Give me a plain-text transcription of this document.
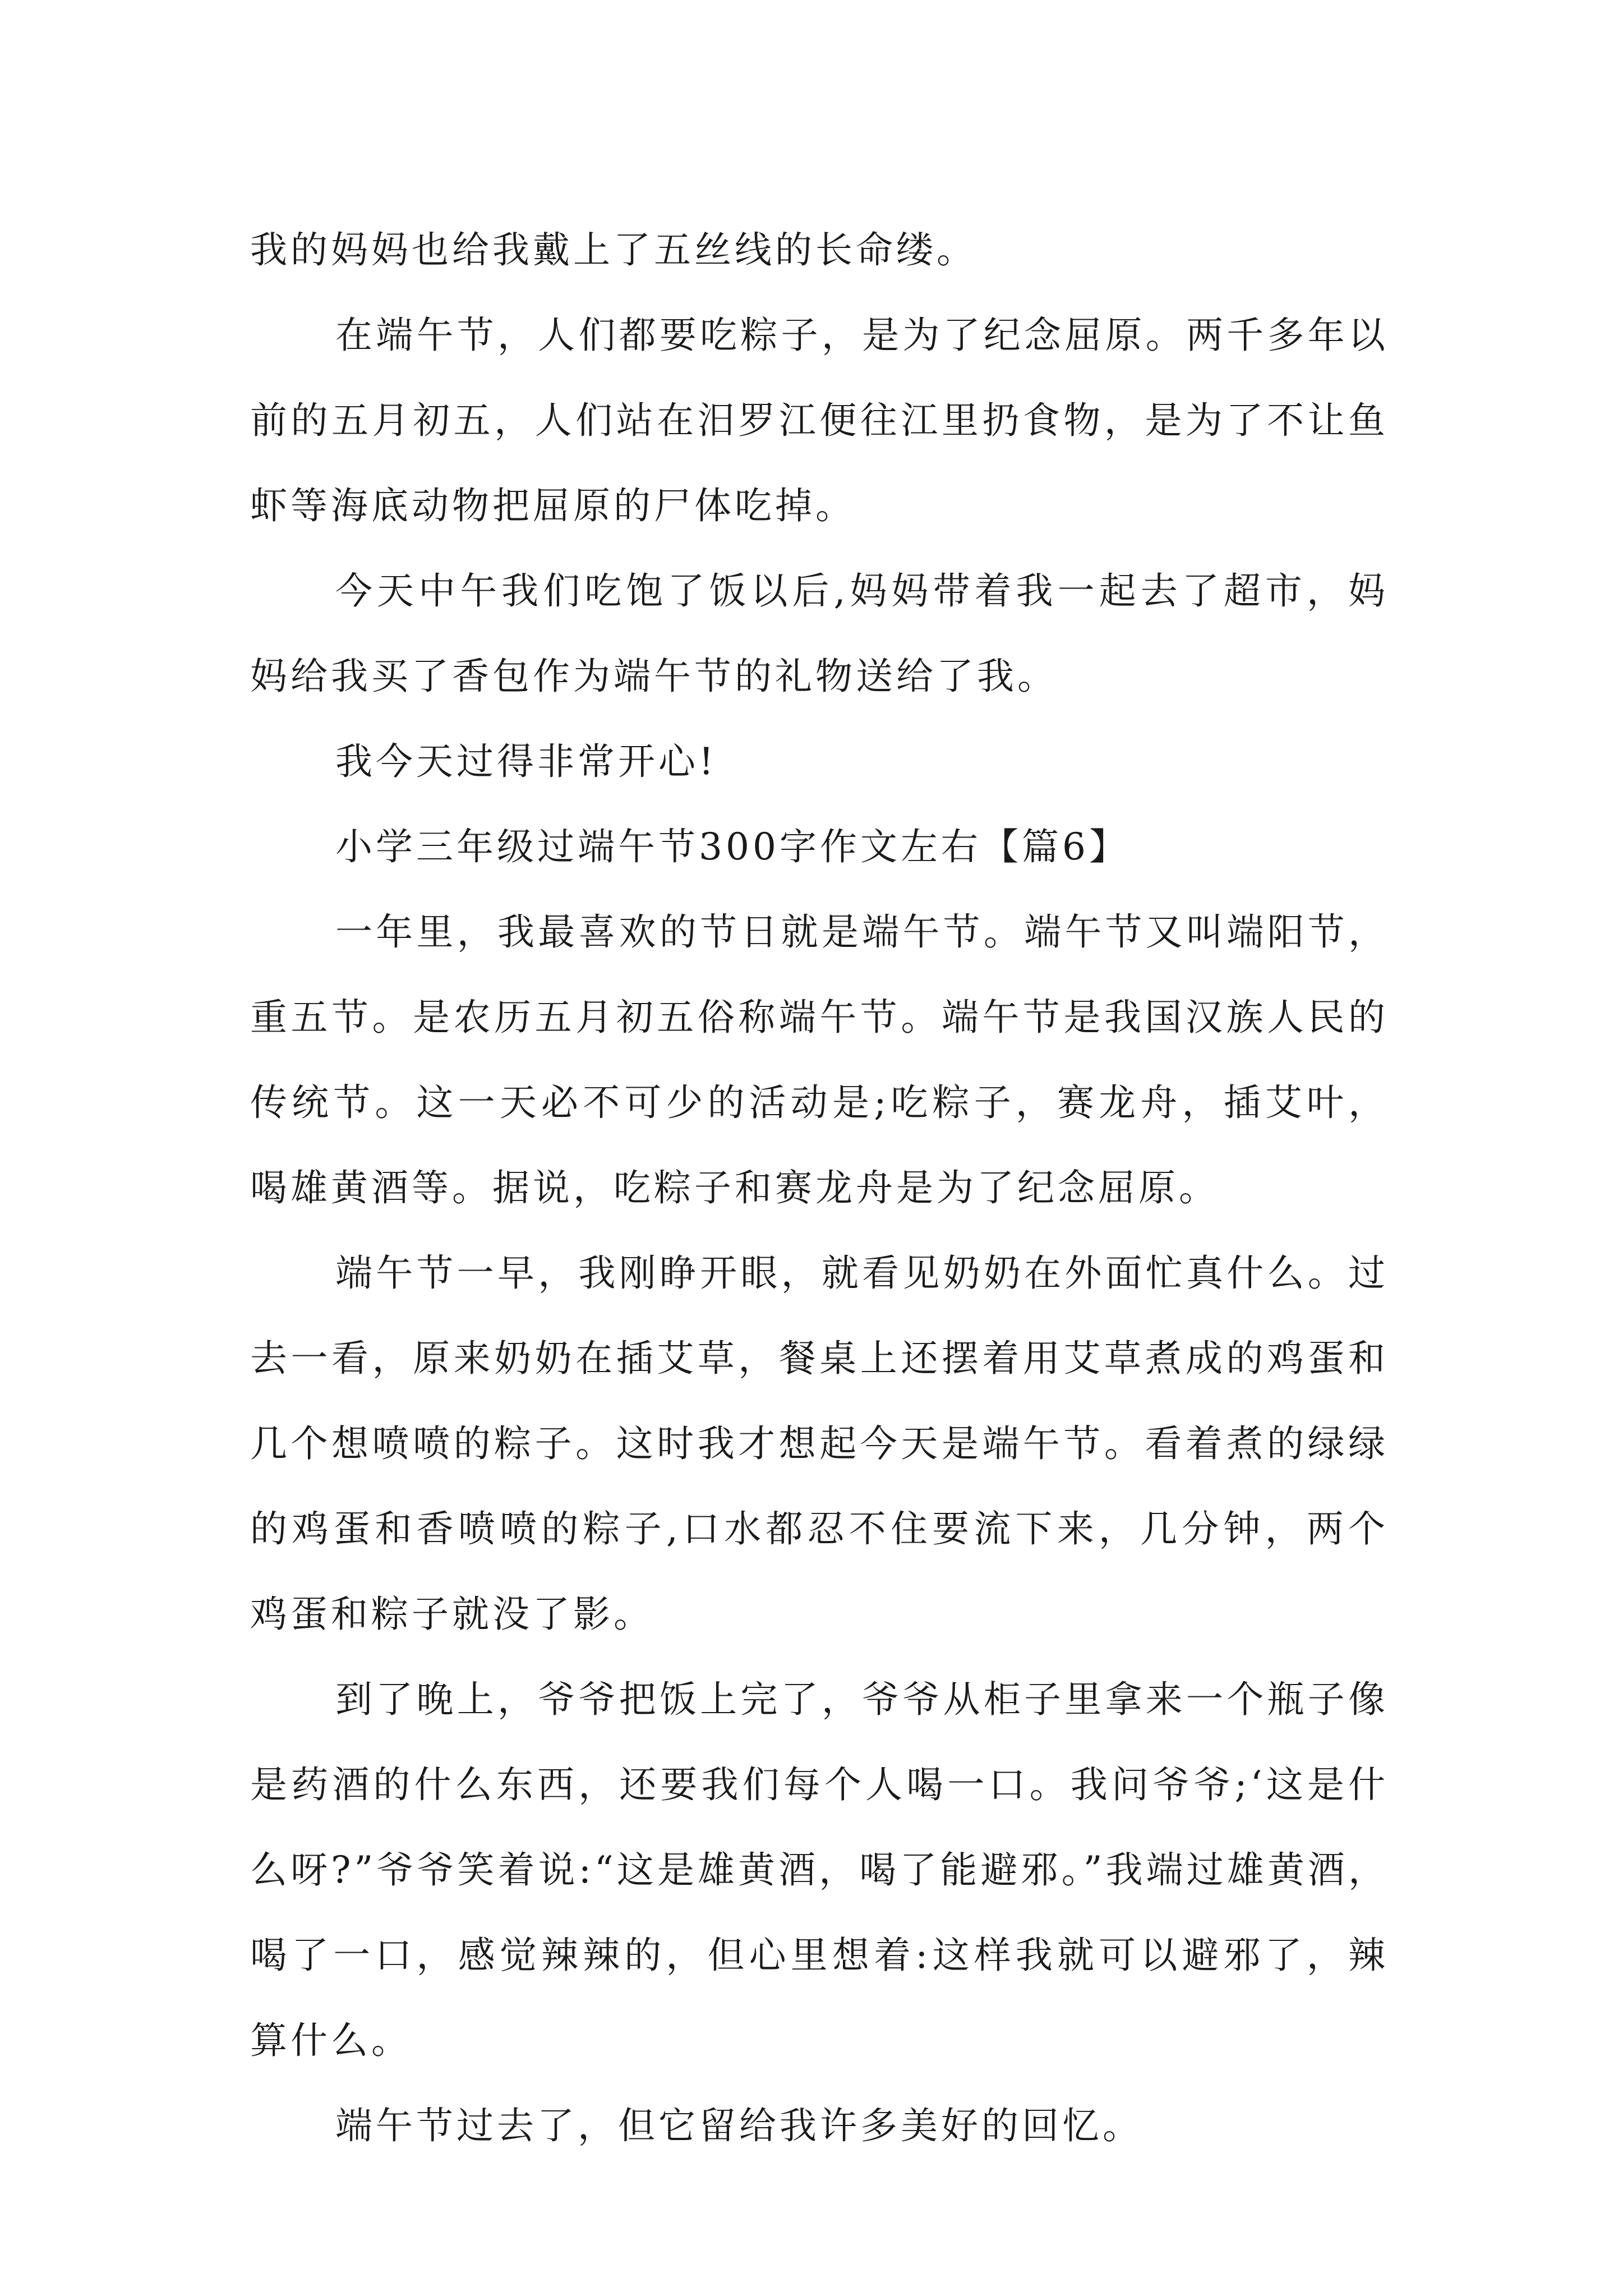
我的妈妈也给我戴上了五丝线的长命缕。

在端午节，人们都要吃粽子，是为了纪念屈原。两千多年以前的五月初五，人们站在汨罗江便往江里扔食物，是为了不让鱼虾等海底动物把屈原的尸体吃掉。

今天中午我们吃饱了饭以后,妈妈带着我一起去了超市，妈妈给我买了香包作为端午节的礼物送给了我。

我今天过得非常开心!

小学三年级过端午节300字作文左右【篇6】

一年里，我最喜欢的节日就是端午节。端午节又叫端阳节，重五节。是农历五月初五俗称端午节。端午节是我国汉族人民的传统节。这一天必不可少的活动是;吃粽子，赛龙舟，插艾叶，喝雄黄酒等。据说，吃粽子和赛龙舟是为了纪念屈原。

端午节一早，我刚睁开眼，就看见奶奶在外面忙真什么。过去一看，原来奶奶在插艾草，餐桌上还摆着用艾草煮成的鸡蛋和几个想喷喷的粽子。这时我才想起今天是端午节。看着煮的绿绿的鸡蛋和香喷喷的粽子,口水都忍不住要流下来，几分钟，两个鸡蛋和粽子就没了影。

到了晚上，爷爷把饭上完了，爷爷从柜子里拿来一个瓶子像是药酒的什么东西，还要我们每个人喝一口。我问爷爷;‘这是什么呀?”爷爷笑着说:“这是雄黄酒，喝了能避邪。”我端过雄黄酒，喝了一口，感觉辣辣的，但心里想着:这样我就可以避邪了，辣算什么。

端午节过去了，但它留给我许多美好的回忆。
